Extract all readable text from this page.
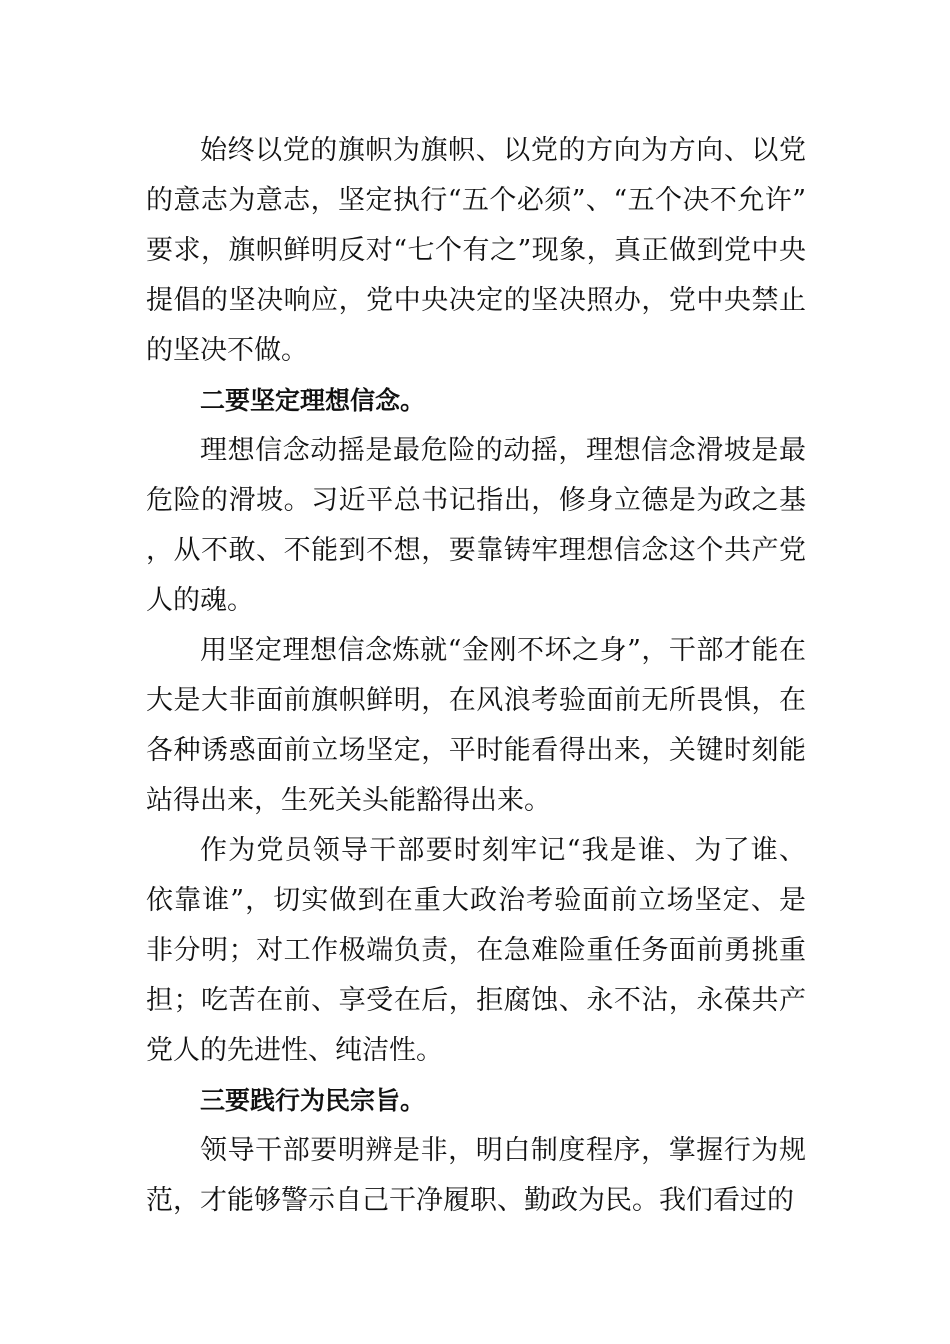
始终以党的旗帜为旗帜、以党的方向为方向、以党的意志为意志，坚定执行“五个必须”、“五个决不允许”要求，旗帜鲜明反对“七个有之”现象，真正做到党中央提倡的坚决响应，党中央决定的坚决照办，党中央禁止的坚决不做。

二要坚定理想信念。

理想信念动摇是最危险的动摇，理想信念滑坡是最危险的滑坡。习近平总书记指出，修身立德是为政之基，从不敢、不能到不想，要靠铸牢理想信念这个共产党人的魂。

用坚定理想信念炼就“金刚不坏之身”，干部才能在大是大非面前旗帜鲜明，在风浪考验面前无所畏惧，在各种诱惑面前立场坚定，平时能看得出来，关键时刻能站得出来，生死关头能豁得出来。

作为党员领导干部要时刻牢记“我是谁、为了谁、依靠谁”，切实做到在重大政治考验面前立场坚定、是非分明；对工作极端负责，在急难险重任务面前勇挑重担；吃苦在前、享受在后，拒腐蚀、永不沾，永葆共产党人的先进性、纯洁性。

三要践行为民宗旨。

领导干部要明辨是非，明白制度程序，掌握行为规范，才能够警示自己干净履职、勤政为民。我们看过的
